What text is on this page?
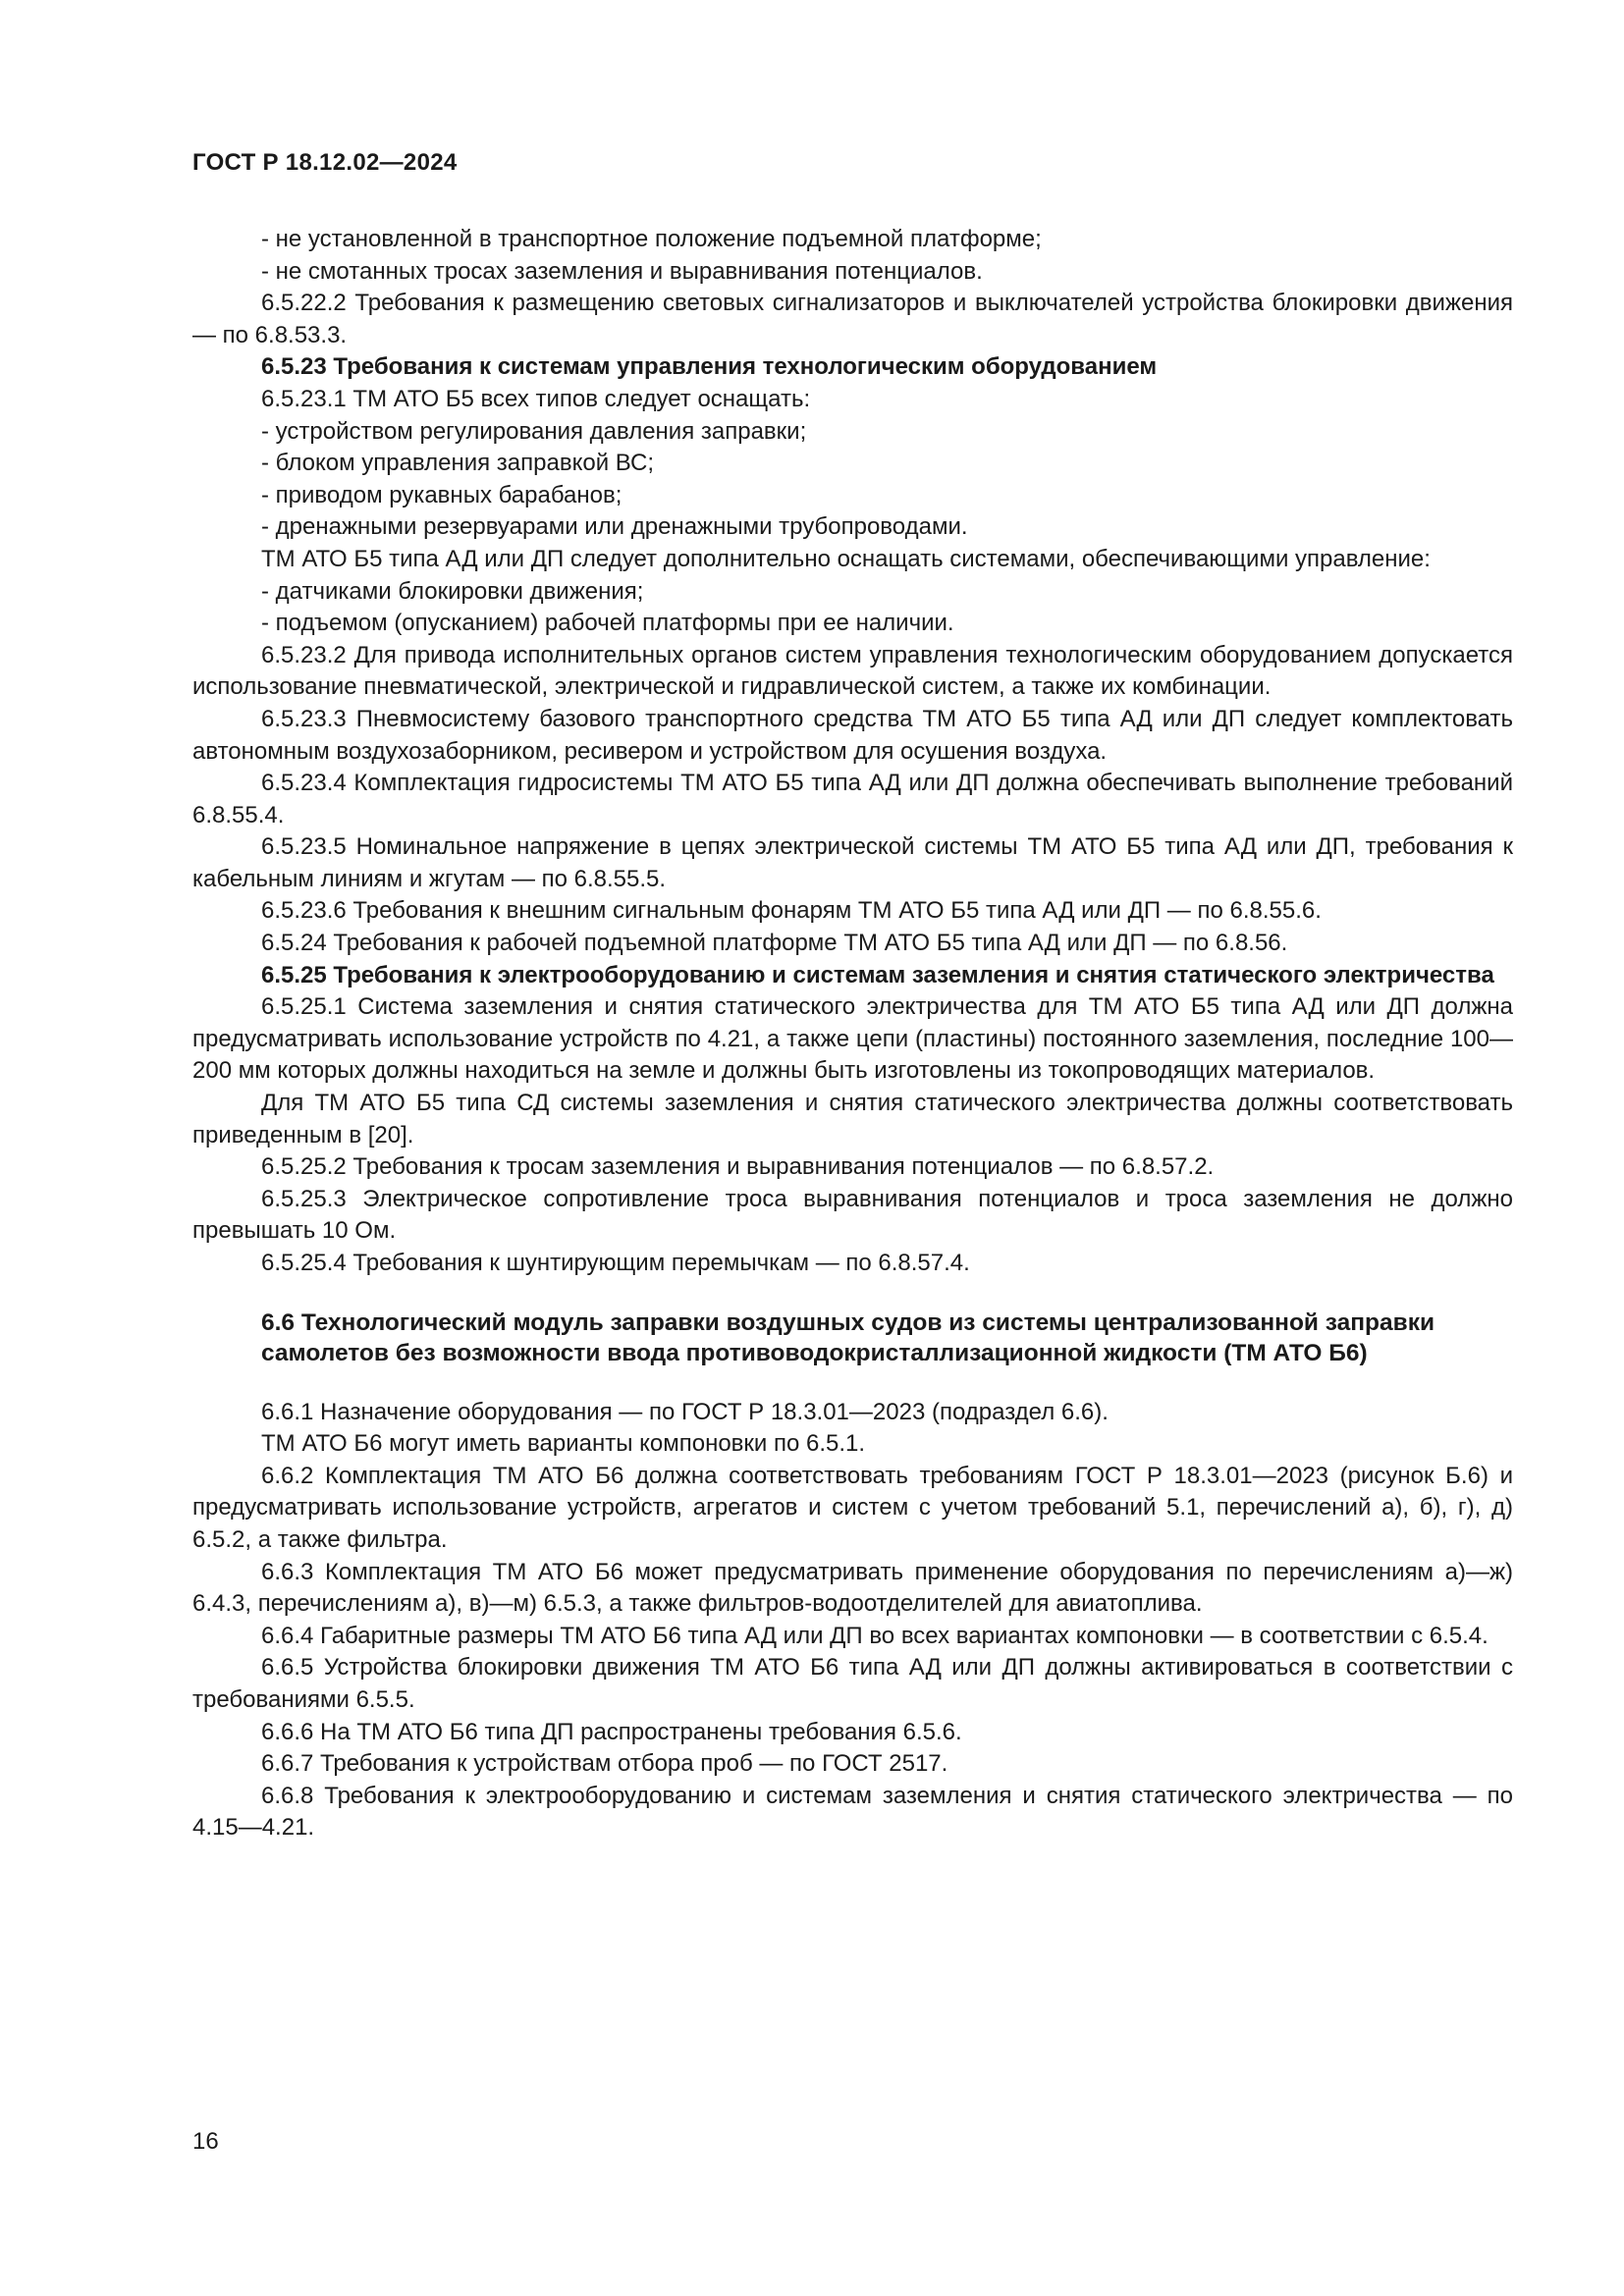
ГОСТ Р 18.12.02—2024

- не установленной в транспортное положение подъемной платформе;

- не смотанных тросах заземления и выравнивания потенциалов.

6.5.22.2 Требования к размещению световых сигнализаторов и выключателей устройства блокировки движения — по 6.8.53.3.

6.5.23 Требования к системам управления технологическим оборудованием

6.5.23.1 ТМ АТО Б5 всех типов следует оснащать:

- устройством регулирования давления заправки;

- блоком управления заправкой ВС;

- приводом рукавных барабанов;

- дренажными резервуарами или дренажными трубопроводами.

ТМ АТО Б5 типа АД или ДП следует дополнительно оснащать системами, обеспечивающими управление:

- датчиками блокировки движения;

- подъемом (опусканием) рабочей платформы при ее наличии.

6.5.23.2 Для привода исполнительных органов систем управления технологическим оборудованием допускается использование пневматической, электрической и гидравлической систем, а также их комбинации.

6.5.23.3 Пневмосистему базового транспортного средства ТМ АТО Б5 типа АД или ДП следует комплектовать автономным воздухозаборником, ресивером и устройством для осушения воздуха.

6.5.23.4 Комплектация гидросистемы ТМ АТО Б5 типа АД или ДП должна обеспечивать выполнение требований 6.8.55.4.

6.5.23.5 Номинальное напряжение в цепях электрической системы ТМ АТО Б5 типа АД или ДП, требования к кабельным линиям и жгутам — по 6.8.55.5.

6.5.23.6 Требования к внешним сигнальным фонарям ТМ АТО Б5 типа АД или ДП — по 6.8.55.6.

6.5.24 Требования к рабочей подъемной платформе ТМ АТО Б5 типа АД или ДП — по 6.8.56.

6.5.25 Требования к электрооборудованию и системам заземления и снятия статического электричества

6.5.25.1 Система заземления и снятия статического электричества для ТМ АТО Б5 типа АД или ДП должна предусматривать использование устройств по 4.21, а также цепи (пластины) постоянного заземления, последние 100—200 мм которых должны находиться на земле и должны быть изготовлены из токопроводящих материалов.

Для ТМ АТО Б5 типа СД системы заземления и снятия статического электричества должны соответствовать приведенным в [20].

6.5.25.2 Требования к тросам заземления и выравнивания потенциалов — по 6.8.57.2.

6.5.25.3 Электрическое сопротивление троса выравнивания потенциалов и троса заземления не должно превышать 10 Ом.

6.5.25.4 Требования к шунтирующим перемычкам — по 6.8.57.4.

6.6 Технологический модуль заправки воздушных судов из системы централизованной заправки самолетов без возможности ввода противоводокристаллизационной жидкости (ТМ АТО Б6)

6.6.1 Назначение оборудования — по ГОСТ Р 18.3.01—2023 (подраздел 6.6).

ТМ АТО Б6 могут иметь варианты компоновки по 6.5.1.

6.6.2 Комплектация ТМ АТО Б6 должна соответствовать требованиям ГОСТ Р 18.3.01—2023 (рисунок Б.6) и предусматривать использование устройств, агрегатов и систем с учетом требований 5.1, перечислений а), б), г), д) 6.5.2, а также фильтра.

6.6.3 Комплектация ТМ АТО Б6 может предусматривать применение оборудования по перечислениям а)—ж) 6.4.3, перечислениям а), в)—м) 6.5.3, а также фильтров-водоотделителей для авиатоплива.

6.6.4 Габаритные размеры ТМ АТО Б6 типа АД или ДП во всех вариантах компоновки — в соответствии с 6.5.4.

6.6.5 Устройства блокировки движения ТМ АТО Б6 типа АД или ДП должны активироваться в соответствии с требованиями 6.5.5.

6.6.6 На ТМ АТО Б6 типа ДП распространены требования 6.5.6.

6.6.7 Требования к устройствам отбора проб — по ГОСТ 2517.

6.6.8 Требования к электрооборудованию и системам заземления и снятия статического электричества — по 4.15—4.21.

16
